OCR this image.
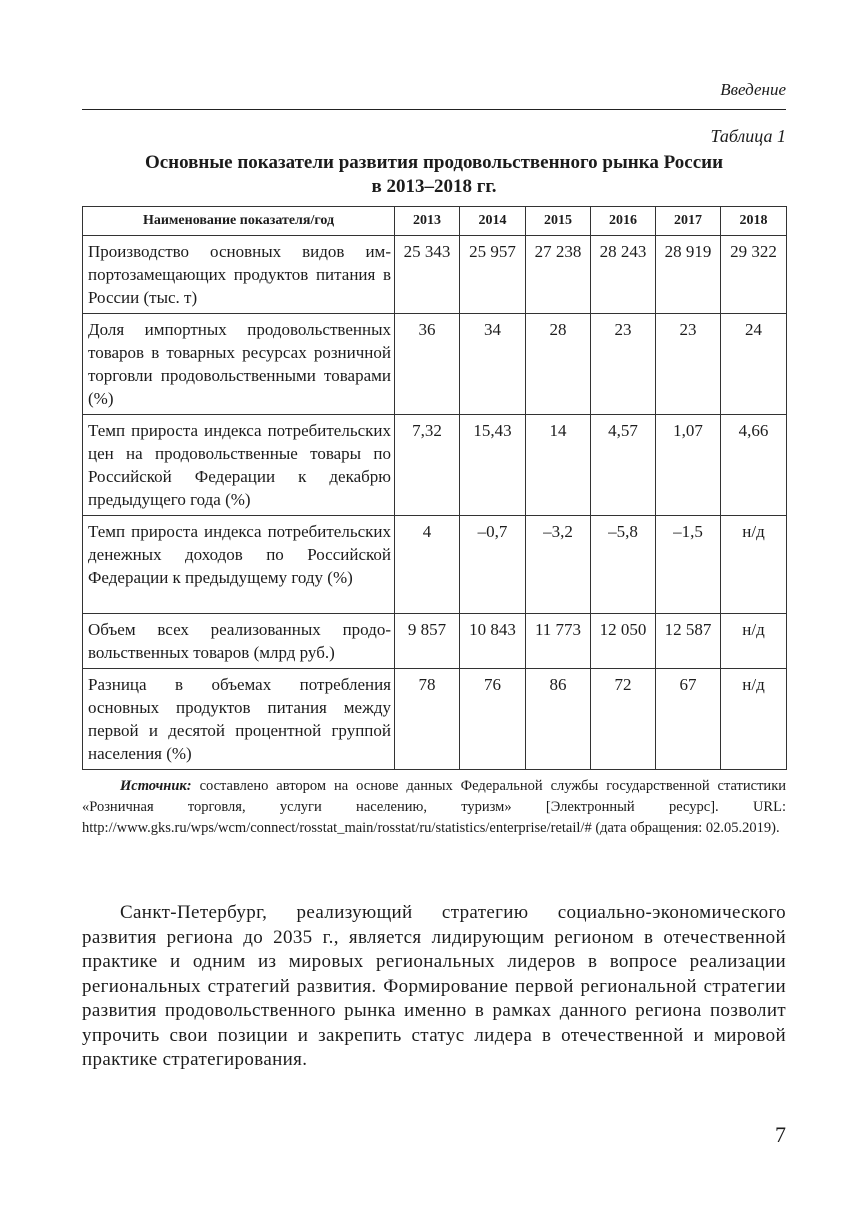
Введение
Таблица 1
Основные показатели развития продовольственного рынка России
в 2013–2018 гг.
Наименование показателя/год	2013	2014	2015	2016	2017	2018
Производство основных видов импортозамещающих продуктов питания в России (тыс. т)	25 343	25 957	27 238	28 243	28 919	29 322
Доля импортных продовольственных товаров в товарных ресурсах розничной торговли продовольственными товарами (%)	36	34	28	23	23	24
Темп прироста индекса потребительских цен на продовольственные товары по Российской Федерации к декабрю предыдущего года (%)	7,32	15,43	14	4,57	1,07	4,66
Темп прироста индекса потребительских денежных доходов по Российской Федерации к предыдущему году (%)	4	–0,7	–3,2	–5,8	–1,5	н/д
Объем всех реализованных продовольственных товаров (млрд руб.)	9 857	10 843	11 773	12 050	12 587	н/д
Разница в объемах потребления основных продуктов питания между первой и десятой процентной группой населения (%)	78	76	86	72	67	н/д
Источник: составлено автором на основе данных Федеральной службы государственной статистики «Розничная торговля, услуги населению, туризм» [Электронный ресурс]. URL: http://www.gks.ru/wps/wcm/connect/rosstat_main/rosstat/ru/statistics/enterprise/retail/# (дата обращения: 02.05.2019).
Санкт-Петербург, реализующий стратегию социально-экономического развития региона до 2035 г., является лидирующим регионом в отечественной практике и одним из мировых региональных лидеров в вопросе реализации региональных стратегий развития. Формирование первой региональной стратегии развития продовольственного рынка именно в рамках данного региона позволит упрочить свои позиции и закрепить статус лидера в отечественной и мировой практике стратегирования.
7
